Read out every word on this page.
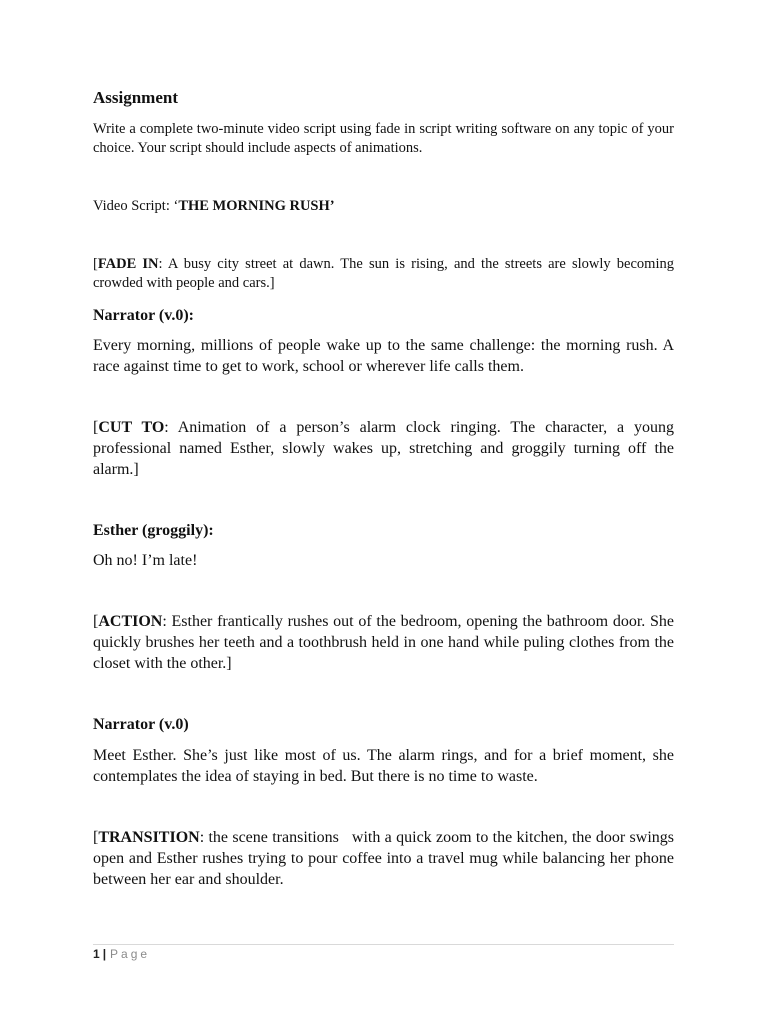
Assignment
Write a complete two-minute video script using fade in script writing software on any topic of your choice. Your script should include aspects of animations.
Video Script: ‘THE MORNING RUSH’
[FADE IN: A busy city street at dawn. The sun is rising, and the streets are slowly becoming crowded with people and cars.]
Narrator (v.0):
Every morning, millions of people wake up to the same challenge: the morning rush. A race against time to get to work, school or wherever life calls them.
[CUT TO: Animation of a person’s alarm clock ringing. The character, a young professional named Esther, slowly wakes up, stretching and groggily turning off the alarm.]
Esther (groggily):
Oh no! I’m late!
[ACTION: Esther frantically rushes out of the bedroom, opening the bathroom door. She quickly brushes her teeth and a toothbrush held in one hand while puling clothes from the closet with the other.]
Narrator (v.0)
Meet Esther. She’s just like most of us. The alarm rings, and for a brief moment, she contemplates the idea of staying in bed. But there is no time to waste.
[TRANSITION: the scene transitions   with a quick zoom to the kitchen, the door swings open and Esther rushes trying to pour coffee into a travel mug while balancing her phone between her ear and shoulder.
1 | Page
